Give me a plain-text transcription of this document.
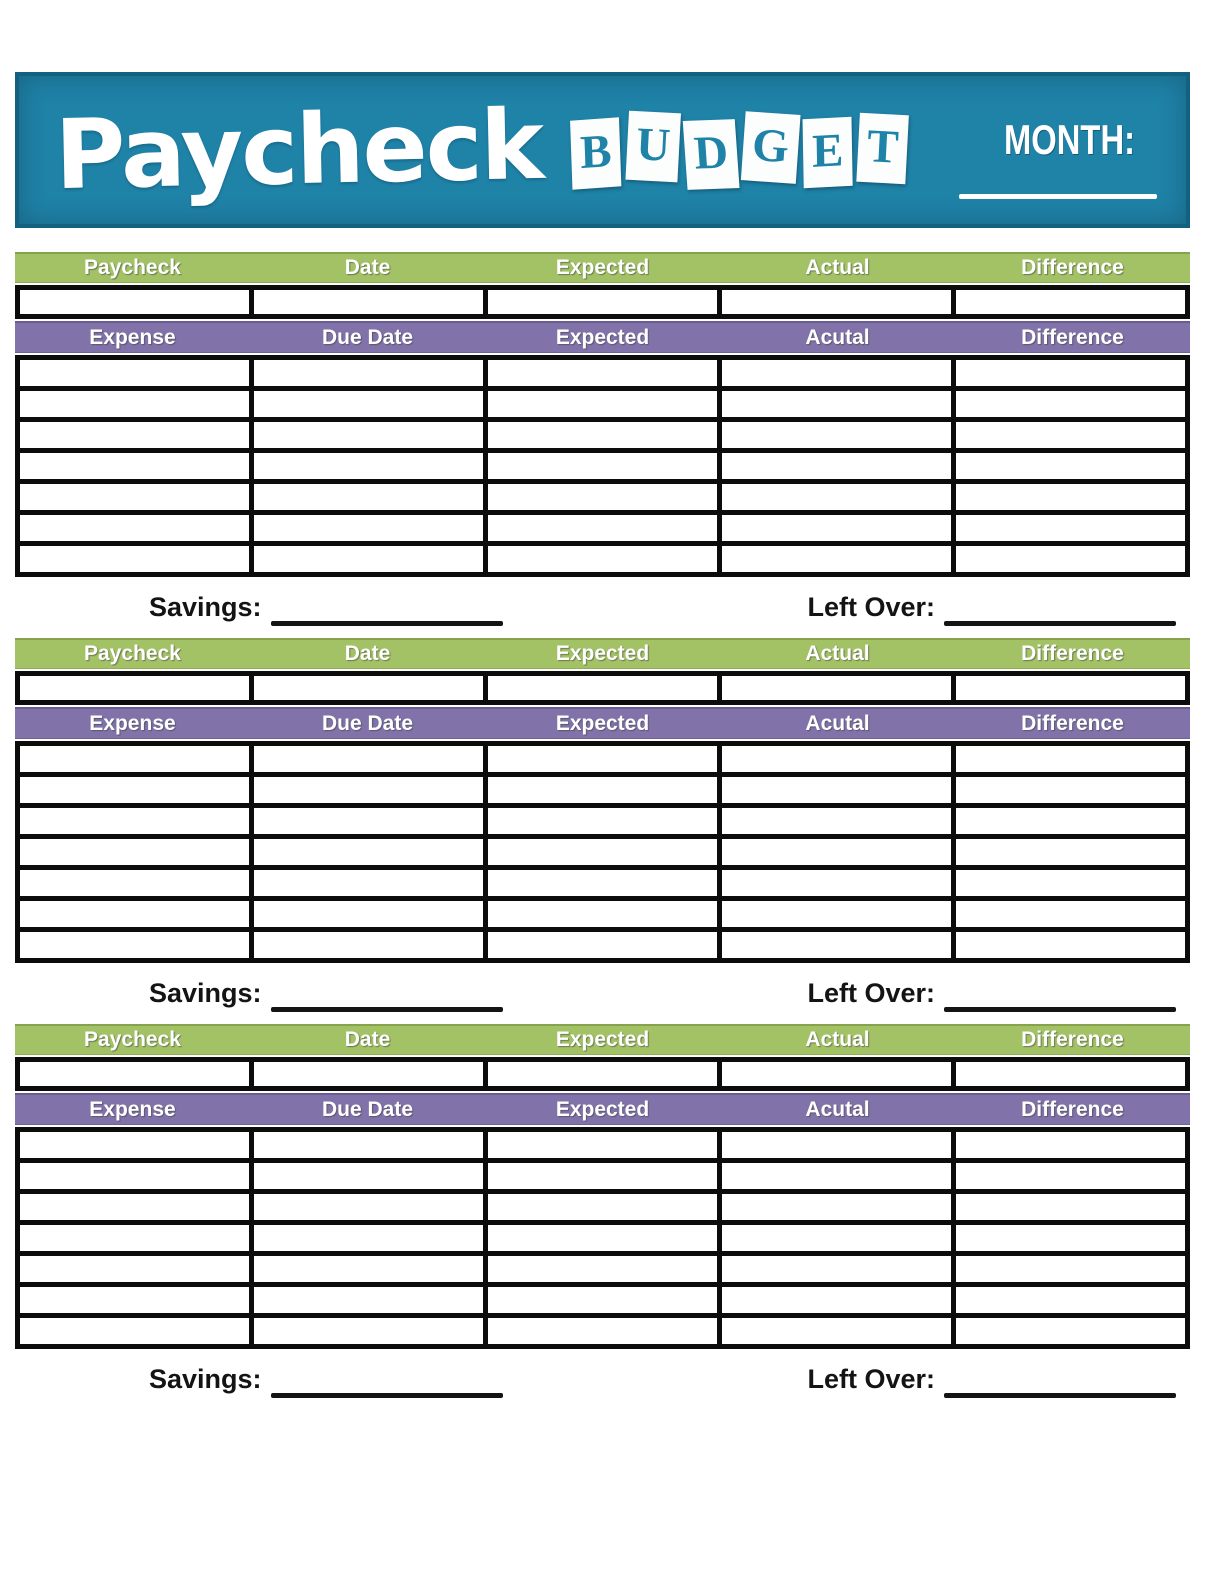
Paycheck B U D G E T MONTH:
Paycheck	Date	Expected	Actual	Difference

Expense	Due Date	Expected	Acutal	Difference

Savings:	Left Over:
Paycheck	Date	Expected	Actual	Difference

Expense	Due Date	Expected	Acutal	Difference

Savings:	Left Over:
Paycheck	Date	Expected	Actual	Difference

Expense	Due Date	Expected	Acutal	Difference

Savings:	Left Over:
